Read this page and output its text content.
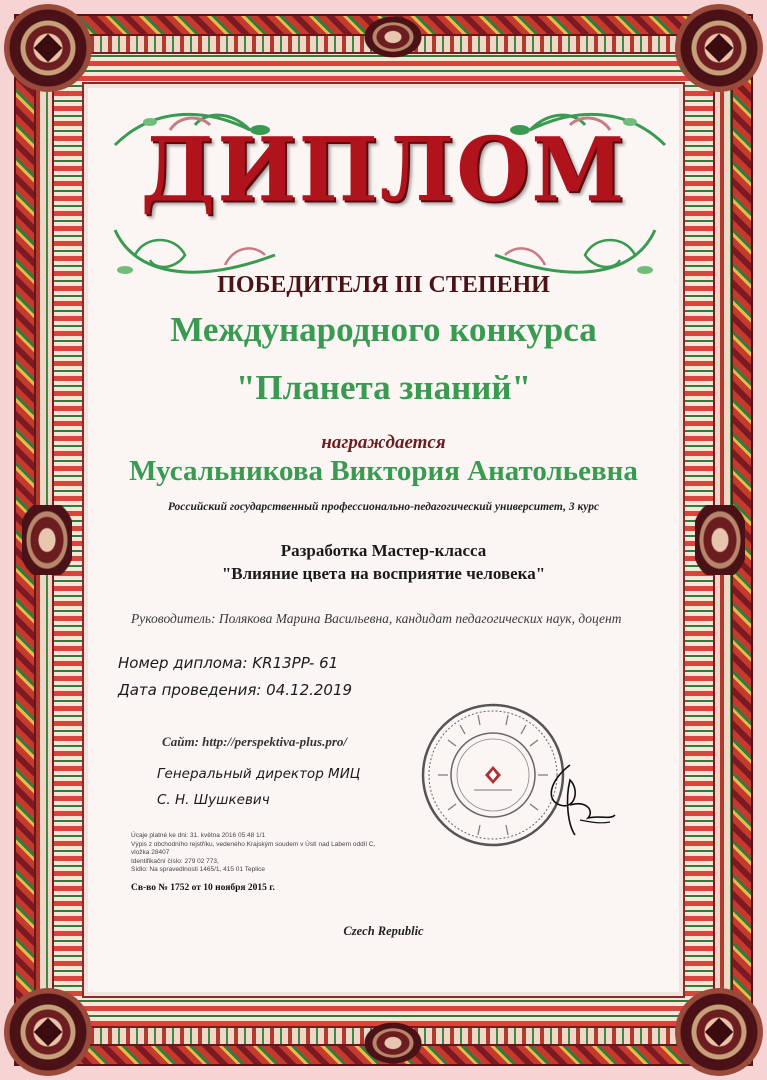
ДИПЛОМ
ПОБЕДИТЕЛЯ III СТЕПЕНИ
Международного конкурса
"Планета знаний"
награждается
Мусальникова Виктория Анатольевна
Российский государственный профессионально-педагогический университет, 3 курс
Разработка Мастер-класса
"Влияние цвета на восприятие человека"
Руководитель: Полякова Марина Васильевна, кандидат педагогических наук, доцент
Номер диплома: KR13PP- 61
Дата проведения: 04.12.2019
Сайт: http://perspektiva-plus.pro/
Генеральный директор МИЦ
С. Н. Шушкевич
Úcaje platné ke dni: 31. května 2016 05:48 1/1
Výpis z obchodního rejstříku, vedeného Krajským soudem v Ústí nad Labem oddíl C,
vložka 28407
Identifikační číslo: 279 02 773,
Sídlo: Na spravedlnosti 1465/1, 415 01 Teplice
Св-во № 1752 от 10 ноября 2015 г.
Czech Republic
